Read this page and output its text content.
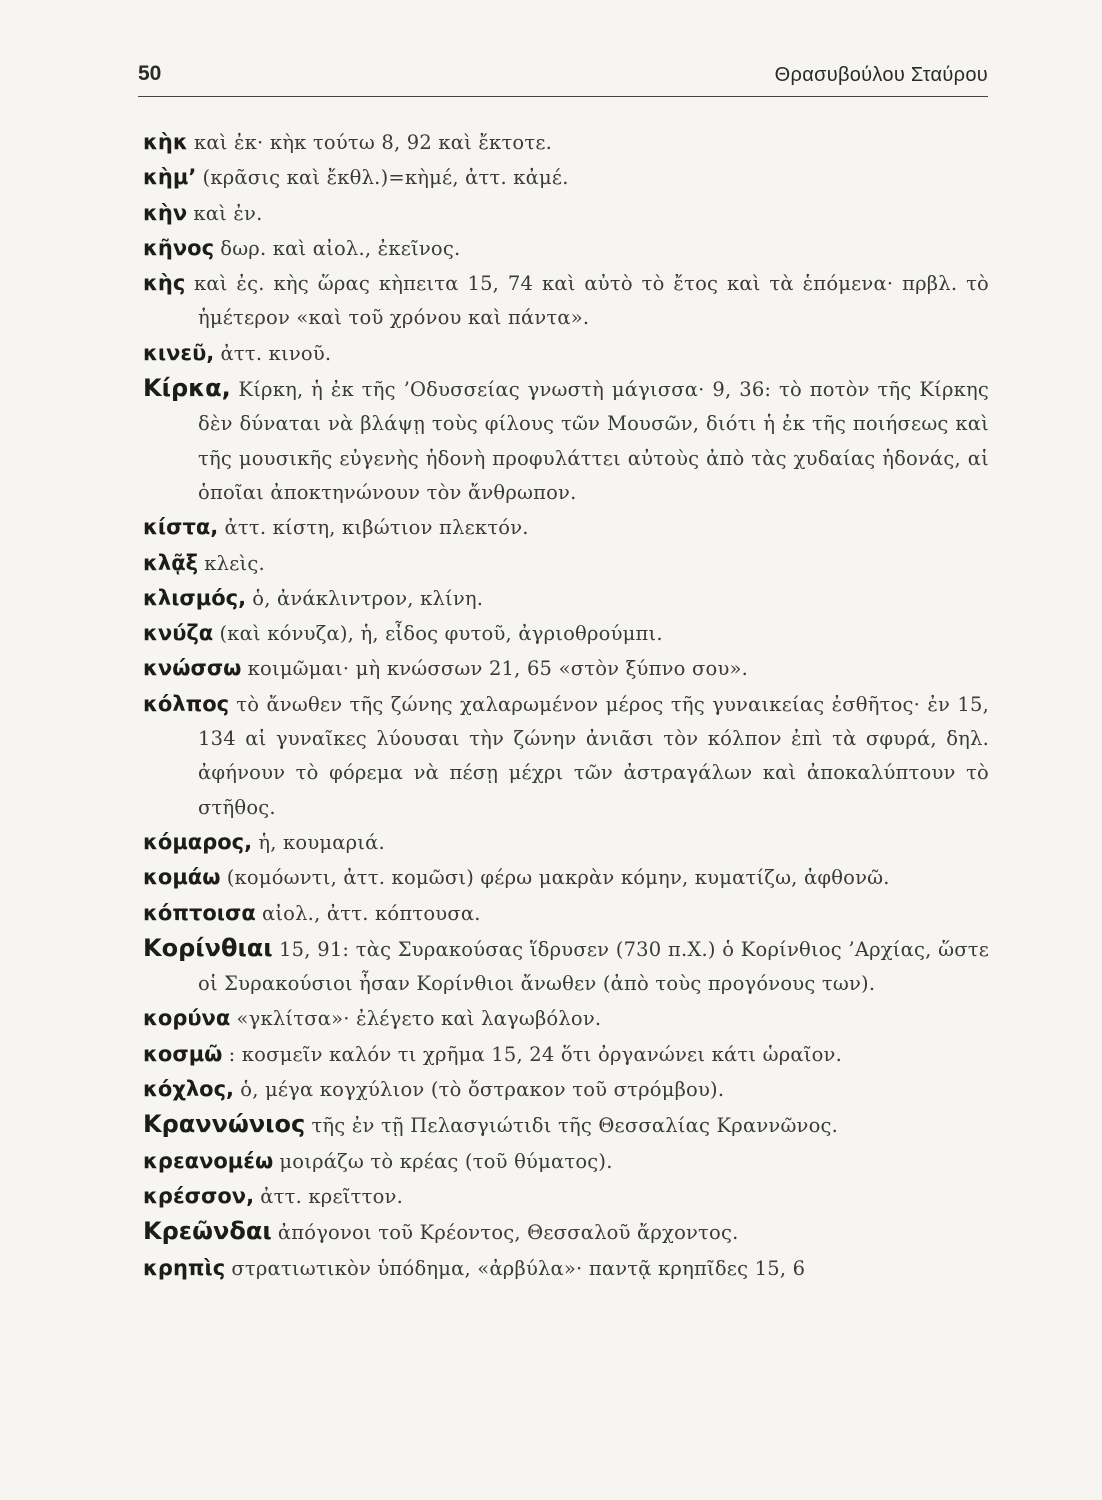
50	Θρασυβούλου Σταύρου

κὴκ καὶ ἐκ· κὴκ τούτω 8, 92 καὶ ἔκτοτε.

κὴμ’ (κρᾶσις καὶ ἔκθλ.)=κὴμέ, ἀττ. κἀμέ.

κὴν καὶ ἐν.

κῆνος δωρ. καὶ αἰολ., ἐκεῖνος.

κὴς καὶ ἐς. κὴς ὥρας κὴπειτα 15, 74 καὶ αὐτὸ τὸ ἔτος καὶ τὰ ἑπόμενα· πρβλ. τὸ ἡμέτερον «καὶ τοῦ χρόνου καὶ πάντα».

κινεῦ, ἀττ. κινοῦ.

Κίρκα, Κίρκη, ἡ ἐκ τῆς ’Οδυσσείας γνωστὴ μάγισσα· 9, 36: τὸ ποτὸν τῆς Κίρκης δὲν δύναται νὰ βλάψῃ τοὺς φίλους τῶν Μουσῶν, διότι ἡ ἐκ τῆς ποιήσεως καὶ τῆς μουσικῆς εὐγενὴς ἡδονὴ προφυλάττει αὐτοὺς ἀπὸ τὰς χυδαίας ἡδονάς, αἱ ὁποῖαι ἀποκτηνώνουν τὸν ἄνθρωπον.

κίστα, ἀττ. κίστη, κιβώτιον πλεκτόν.

κλᾷξ κλεὶς.

κλισμός, ὁ, ἀνάκλιντρον, κλίνη.

κνύζα (καὶ κόνυζα), ἡ, εἶδος φυτοῦ, ἀγριοθρούμπι.

κνώσσω κοιμῶμαι· μὴ κνώσσων 21, 65 «στὸν ξύπνο σου».

κόλπος τὸ ἄνωθεν τῆς ζώνης χαλαρωμένον μέρος τῆς γυναικείας ἐσθῆτος· ἐν 15, 134 αἱ γυναῖκες λύουσαι τὴν ζώνην ἀνιᾶσι τὸν κόλπον ἐπὶ τὰ σφυρά, δηλ. ἀφήνουν τὸ φόρεμα νὰ πέσῃ μέχρι τῶν ἀστραγάλων καὶ ἀποκαλύπτουν τὸ στῆθος.

κόμαρος, ἡ, κουμαριά.

κομάω (κομόωντι, ἀττ. κομῶσι) φέρω μακρὰν κόμην, κυματίζω, ἀφθονῶ.

κόπτοισα αἰολ., ἀττ. κόπτουσα.

Κορίνθιαι 15, 91: τὰς Συρακούσας ἵδρυσεν (730 π.Χ.) ὁ Κορίνθιος ’Αρχίας, ὥστε οἱ Συρακούσιοι ἦσαν Κορίνθιοι ἄνωθεν (ἀπὸ τοὺς προγόνους των).

κορύνα «γκλίτσα»· ἐλέγετο καὶ λαγωβόλον.

κοσμῶ : κοσμεῖν καλόν τι χρῆμα 15, 24 ὅτι ὀργανώνει κάτι ὡραῖον.

κόχλος, ὁ, μέγα κογχύλιον (τὸ ὄστρακον τοῦ στρόμβου).

Κραννώνιος τῆς ἐν τῇ Πελασγιώτιδι τῆς Θεσσαλίας Κραννῶνος.

κρεανομέω μοιράζω τὸ κρέας (τοῦ θύματος).

κρέσσον, ἀττ. κρεῖττον.

Κρεῶνδαι ἀπόγονοι τοῦ Κρέοντος, Θεσσαλοῦ ἄρχοντος.

κρηπὶς στρατιωτικὸν ὑπόδημα, «ἀρβύλα»· παντᾷ κρηπῖδες 15, 6
